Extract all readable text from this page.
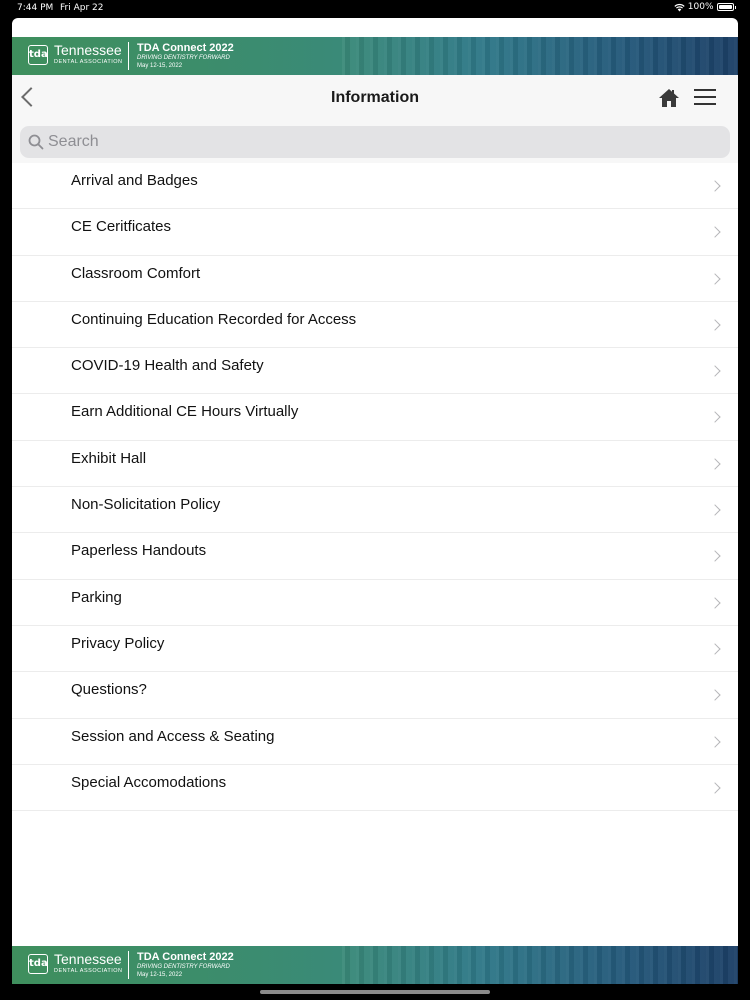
7:44 PM Fri Apr 22	100%
tda Tennessee
DENTAL ASSOCIATION
TDA Connect 2022
DRIVING DENTISTRY FORWARD
May 12-15, 2022
Information
Search
Arrival and Badges
CE Ceritficates
Classroom Comfort
Continuing Education Recorded for Access
COVID-19 Health and Safety
Earn Additional CE Hours Virtually
Exhibit Hall
Non-Solicitation Policy
Paperless Handouts
Parking
Privacy Policy
Questions?
Session and Access & Seating
Special Accomodations
tda Tennessee
DENTAL ASSOCIATION
TDA Connect 2022
DRIVING DENTISTRY FORWARD
May 12-15, 2022
